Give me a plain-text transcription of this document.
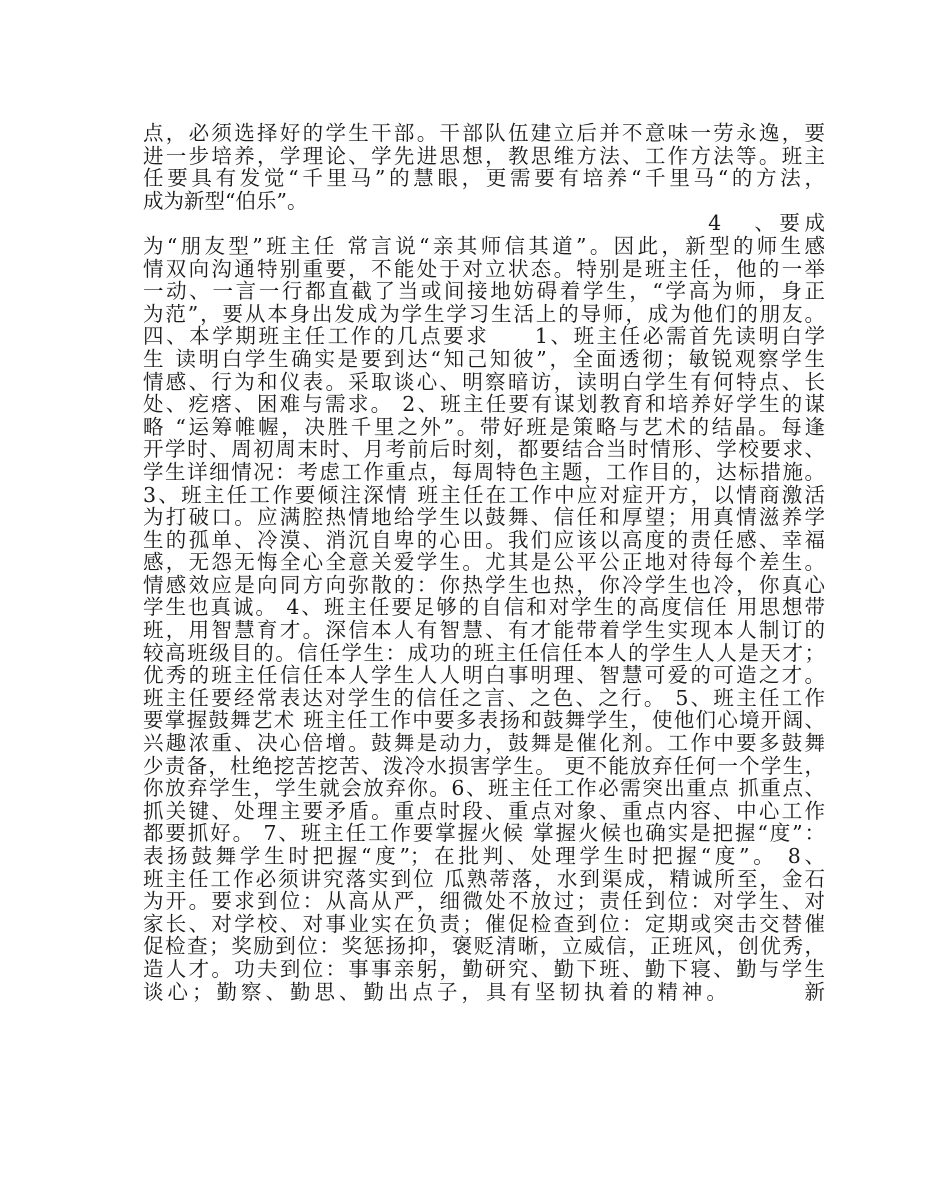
点，必须选择好的学生干部。干部队伍建立后并不意味一劳永逸，要
进一步培养，学理论、学先进思想，教思维方法、工作方法等。班主
任要具有发觉“千里马”的慧眼，更需要有培养“千里马“的方法，
成为新型“伯乐”。
4   、要成
为“朋友型”班主任 常言说“亲其师信其道”。因此，新型的师生感
情双向沟通特别重要，不能处于对立状态。特别是班主任，他的一举
一动、一言一行都直截了当或间接地妨碍着学生，“学高为师，身正
为范”，要从本身出发成为学生学习生活上的导师，成为他们的朋友。
四、本学期班主任工作的几点要求     1、班主任必需首先读明白学
生 读明白学生确实是要到达“知己知彼”，全面透彻；敏锐观察学生
情感、行为和仪表。采取谈心、明察暗访，读明白学生有何特点、长
处、疙瘩、困难与需求。 2、班主任要有谋划教育和培养好学生的谋
略 “运筹帷幄，决胜千里之外”。带好班是策略与艺术的结晶。每逢
开学时、周初周末时、月考前后时刻，都要结合当时情形、学校要求、
学生详细情况：考虑工作重点，每周特色主题，工作目的，达标措施。
3、班主任工作要倾注深情 班主任在工作中应对症开方，以情商激活
为打破口。应满腔热情地给学生以鼓舞、信任和厚望；用真情滋养学
生的孤单、冷漠、消沉自卑的心田。我们应该以高度的责任感、幸福
感，无怨无悔全心全意关爱学生。尤其是公平公正地对待每个差生。
情感效应是向同方向弥散的：你热学生也热，你冷学生也冷，你真心
学生也真诚。 4、班主任要足够的自信和对学生的高度信任 用思想带
班，用智慧育才。深信本人有智慧、有才能带着学生实现本人制订的
较高班级目的。信任学生：成功的班主任信任本人的学生人人是天才；
优秀的班主任信任本人学生人人明白事明理、智慧可爱的可造之才。
班主任要经常表达对学生的信任之言、之色、之行。 5、班主任工作
要掌握鼓舞艺术 班主任工作中要多表扬和鼓舞学生，使他们心境开阔、
兴趣浓重、决心倍增。鼓舞是动力，鼓舞是催化剂。工作中要多鼓舞
少责备，杜绝挖苦挖苦、泼冷水损害学生。 更不能放弃任何一个学生，
你放弃学生，学生就会放弃你。6、班主任工作必需突出重点 抓重点、
抓关键、处理主要矛盾。重点时段、重点对象、重点内容、中心工作
都要抓好。 7、班主任工作要掌握火候 掌握火候也确实是把握“度”：
表扬鼓舞学生时把握“度”；在批判、处理学生时把握“度”。 8、
班主任工作必须讲究落实到位 瓜熟蒂落，水到渠成，精诚所至，金石
为开。要求到位：从高从严，细微处不放过；责任到位：对学生、对
家长、对学校、对事业实在负责；催促检查到位：定期或突击交替催
促检查；奖励到位：奖惩扬抑，褒贬清晰，立威信，正班风，创优秀，
造人才。功夫到位：事事亲躬，勤研究、勤下班、勤下寝、勤与学生
谈心；勤察、勤思、勤出点子，具有坚韧执着的精神。       新
